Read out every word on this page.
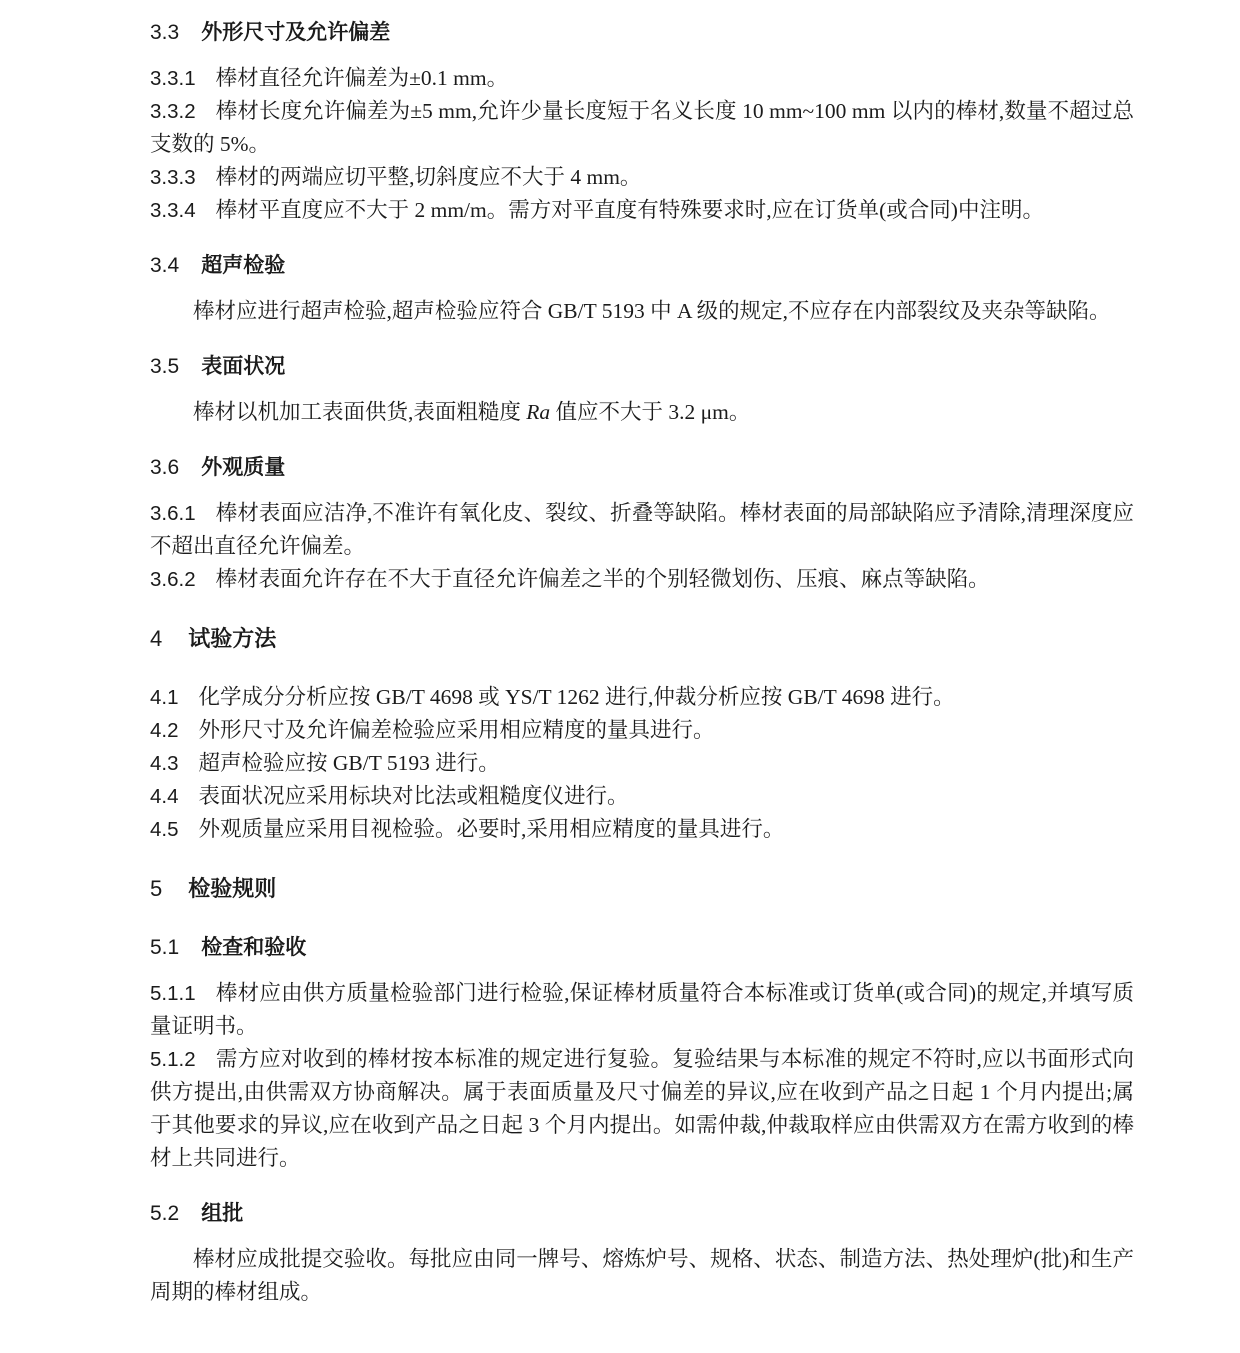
3.3 外形尺寸及允许偏差

3.3.1 棒材直径允许偏差为±0.1 mm。

3.3.2 棒材长度允许偏差为±5 mm,允许少量长度短于名义长度 10 mm~100 mm 以内的棒材,数量不超过总支数的 5%。

3.3.3 棒材的两端应切平整,切斜度应不大于 4 mm。

3.3.4 棒材平直度应不大于 2 mm/m。需方对平直度有特殊要求时,应在订货单(或合同)中注明。

3.4 超声检验

棒材应进行超声检验,超声检验应符合 GB/T 5193 中 A 级的规定,不应存在内部裂纹及夹杂等缺陷。

3.5 表面状况

棒材以机加工表面供货,表面粗糙度 Ra 值应不大于 3.2 μm。

3.6 外观质量

3.6.1 棒材表面应洁净,不准许有氧化皮、裂纹、折叠等缺陷。棒材表面的局部缺陷应予清除,清理深度应不超出直径允许偏差。

3.6.2 棒材表面允许存在不大于直径允许偏差之半的个别轻微划伤、压痕、麻点等缺陷。

4 试验方法

4.1 化学成分分析应按 GB/T 4698 或 YS/T 1262 进行,仲裁分析应按 GB/T 4698 进行。

4.2 外形尺寸及允许偏差检验应采用相应精度的量具进行。

4.3 超声检验应按 GB/T 5193 进行。

4.4 表面状况应采用标块对比法或粗糙度仪进行。

4.5 外观质量应采用目视检验。必要时,采用相应精度的量具进行。

5 检验规则
5.1 检查和验收

5.1.1 棒材应由供方质量检验部门进行检验,保证棒材质量符合本标准或订货单(或合同)的规定,并填写质量证明书。

5.1.2 需方应对收到的棒材按本标准的规定进行复验。复验结果与本标准的规定不符时,应以书面形式向供方提出,由供需双方协商解决。属于表面质量及尺寸偏差的异议,应在收到产品之日起 1 个月内提出;属于其他要求的异议,应在收到产品之日起 3 个月内提出。如需仲裁,仲裁取样应由供需双方在需方收到的棒材上共同进行。

5.2 组批

棒材应成批提交验收。每批应由同一牌号、熔炼炉号、规格、状态、制造方法、热处理炉(批)和生产周期的棒材组成。
